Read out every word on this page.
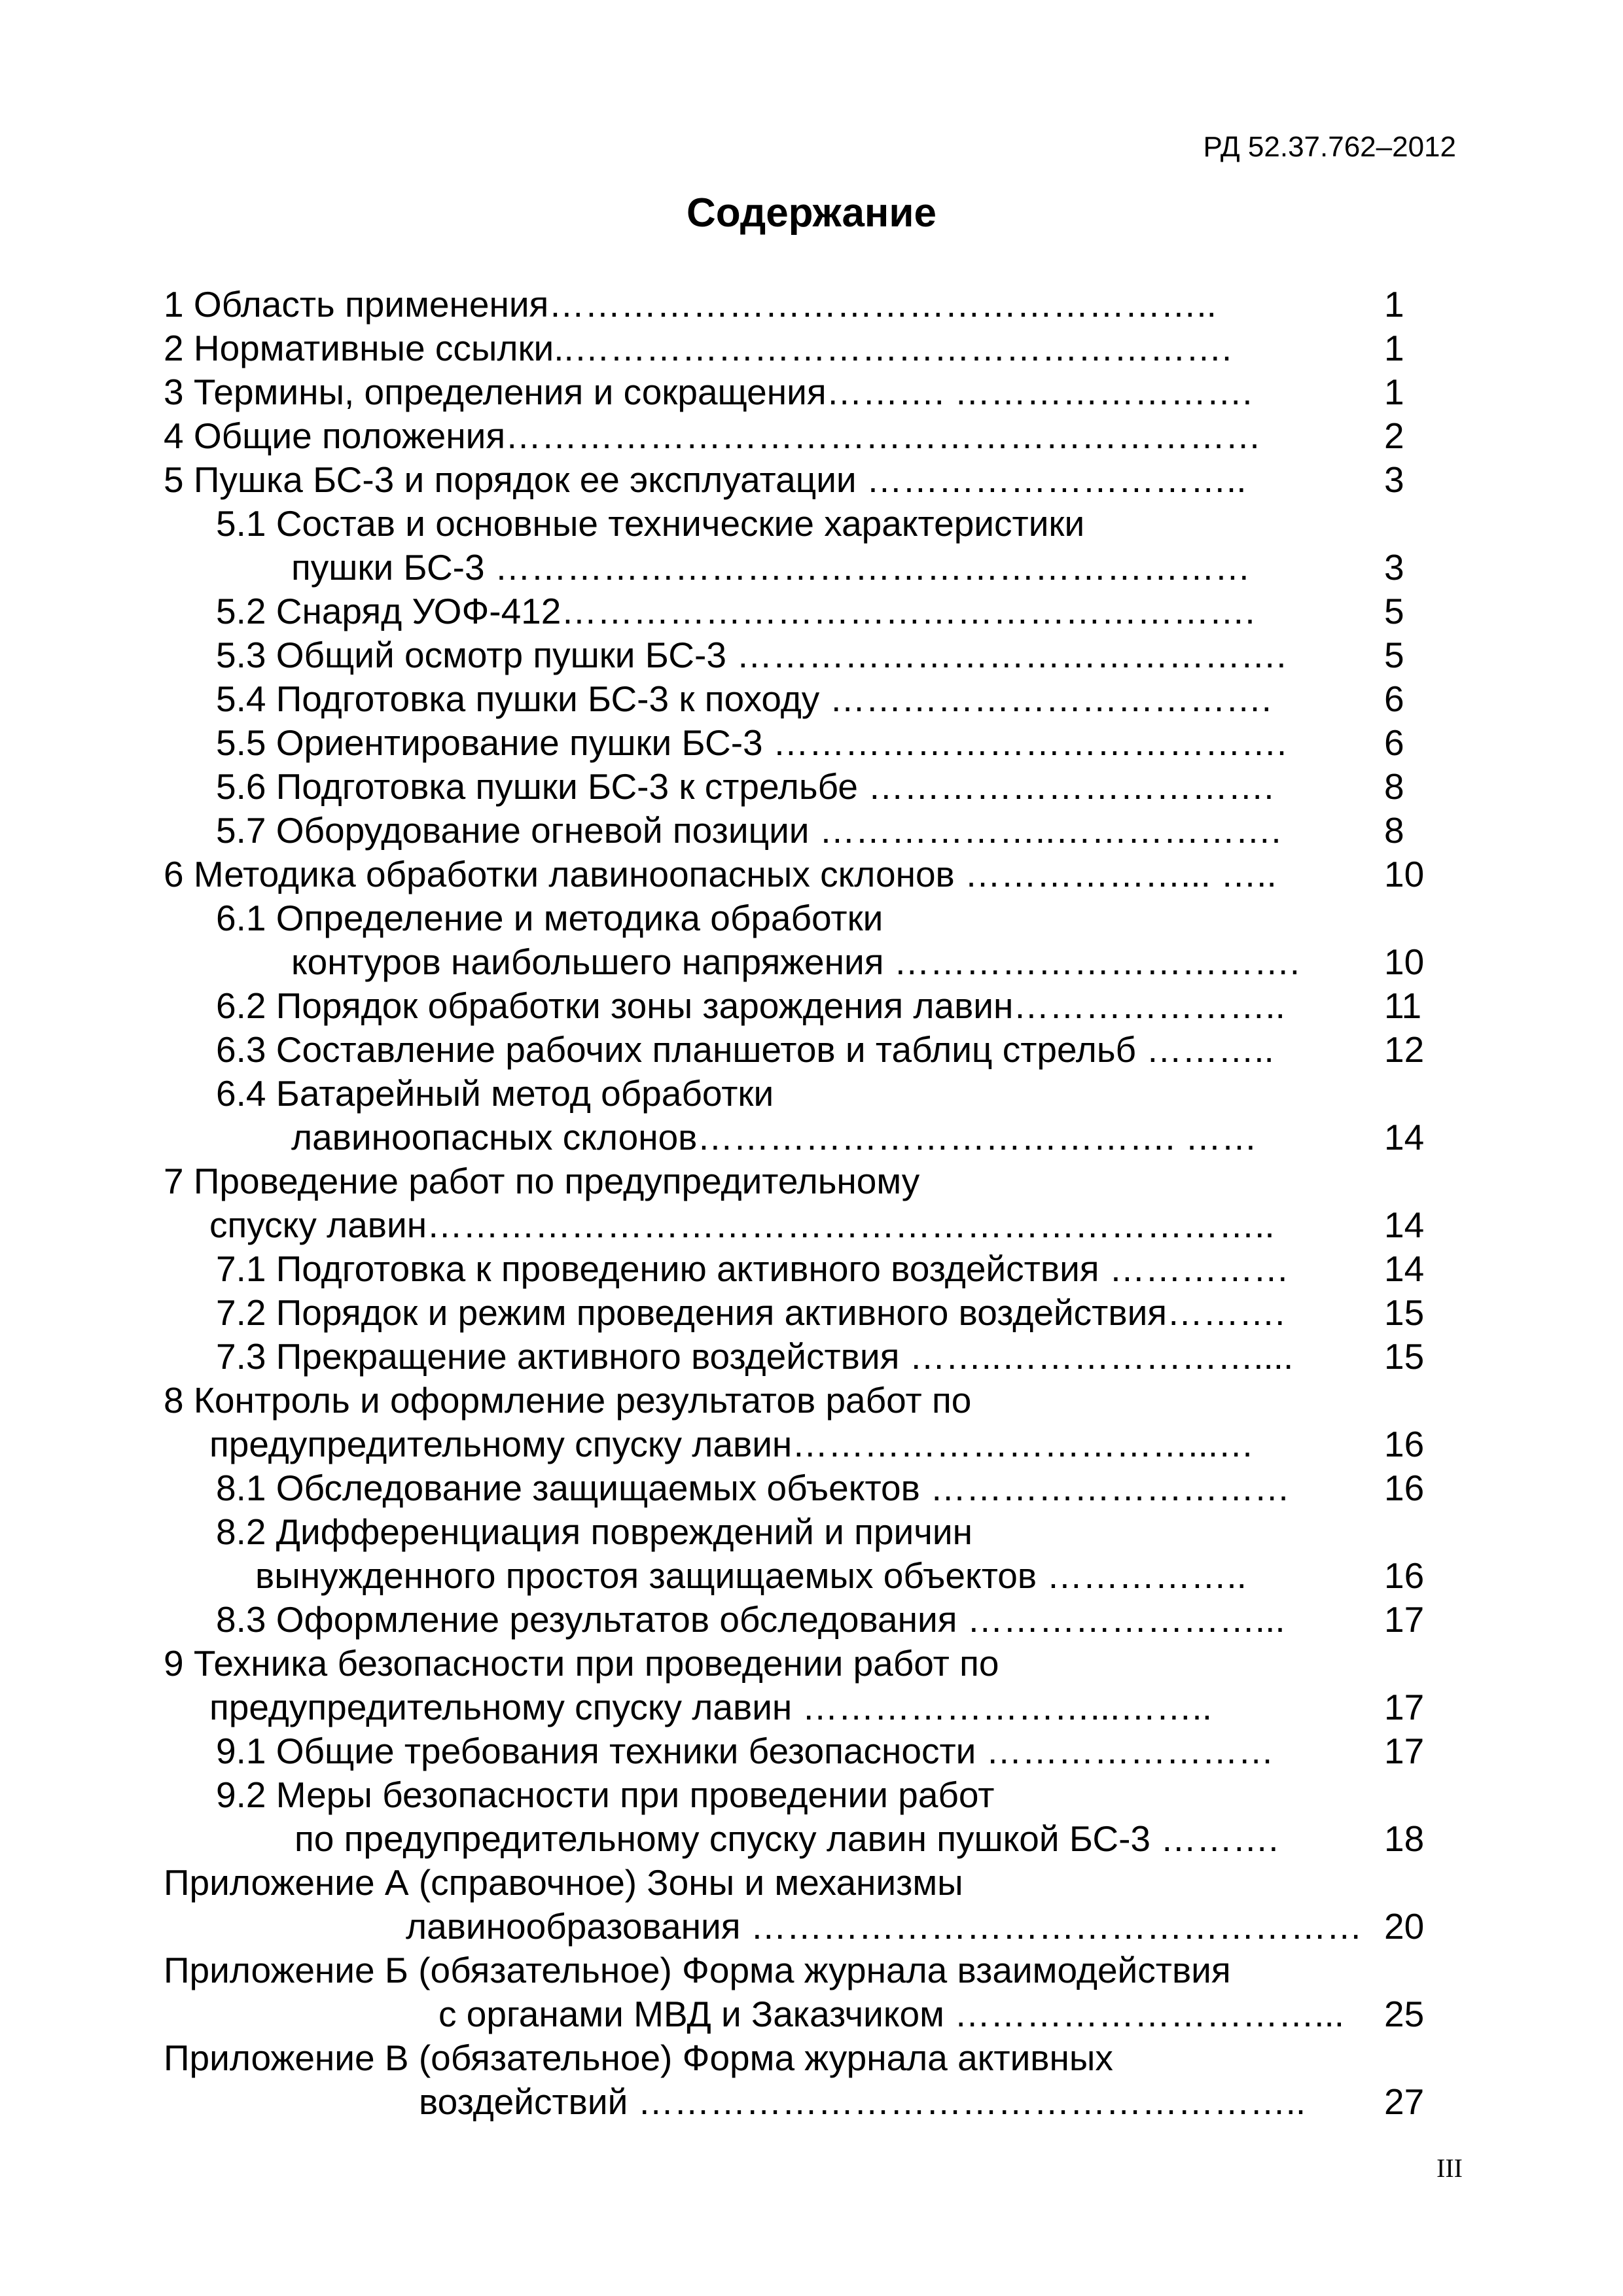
РД 52.37.762–2012
Содержание
1 Область применения………………………………………………..	1
2 Нормативные ссылки..……………………………………………….	1
3 Термины, определения и сокращения………. …………………….	1
4 Общие положения………………………………………………………	2
5 Пушка БС-3 и порядок ее эксплуатации …………………………..	3
5.1 Состав и основные технические характеристики
пушки БС-3 ………………………………………………………	3
5.2 Снаряд УОФ-412………………………………………………….	5
5.3 Общий осмотр пушки БС-3 ……………………………………….	5
5.4 Подготовка пушки БС-3 к походу ……………………………….	6
5.5 Ориентирование пушки БС-3 …………………………………….	6
5.6 Подготовка пушки БС-3 к стрельбе …………………………….	8
5.7 Оборудование огневой позиции ………………..……………….	8
6 Методика обработки лавиноопасных склонов ………………... …..	10
6.1 Определение и методика обработки
контуров наибольшего напряжения ……………………………. 10
6.2 Порядок обработки зоны зарождения лавин…………………..	11
6.3 Составление рабочих планшетов и таблиц стрельб ………..	12
6.4 Батарейный метод обработки
лавиноопасных склонов…………………………………. ……	14
7 Проведение работ по предупредительному
спуску лавин……………………………………………………………..	14
7.1 Подготовка к проведению активного воздействия ……………	14
7.2 Порядок и режим проведения активного воздействия……….	15
7.3 Прекращение активного воздействия ……..…………………....	15
8 Контроль и оформление результатов работ по
предупредительному спуску лавин……………………………...…	16
8.1 Обследование защищаемых объектов …………………………	16
8.2 Дифференциация повреждений и причин
вынужденного простоя защищаемых объектов ……………..	16
8.3 Оформление результатов обследования ……………………...	17
9 Техника безопасности при проведении работ по
предупредительному спуску лавин ……………………...……..	17
9.1 Общие требования техники безопасности ……………………	17
9.2 Меры безопасности при проведении работ
по предупредительному спуску лавин пушкой БС-3 ……….	18
Приложение А (справочное) Зоны и механизмы
лавинообразования …………………………………………… 20
Приложение Б (обязательное) Форма журнала взаимодействия
с органами МВД и Заказчиком …………………………... 25
Приложение В (обязательное) Форма журнала активных
воздействий ……………………………………………….. 27
III
